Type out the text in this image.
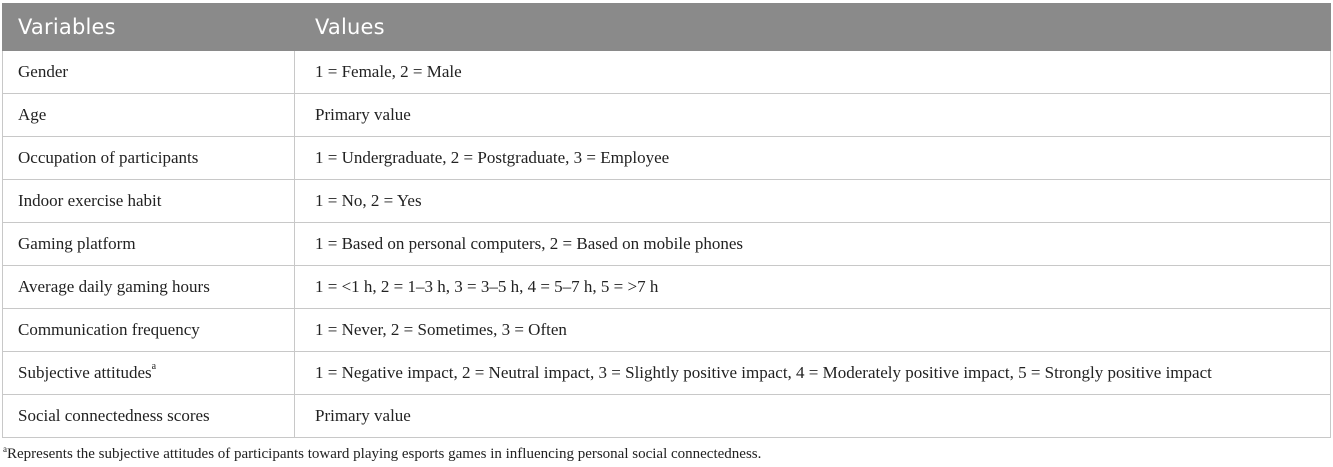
Variables	Values
Gender	1 = Female, 2 = Male
Age	Primary value
Occupation of participants	1 = Undergraduate, 2 = Postgraduate, 3 = Employee
Indoor exercise habit	1 = No, 2 = Yes
Gaming platform	1 = Based on personal computers, 2 = Based on mobile phones
Average daily gaming hours	1 = <1 h, 2 = 1–3 h, 3 = 3–5 h, 4 = 5–7 h, 5 = >7 h
Communication frequency	1 = Never, 2 = Sometimes, 3 = Often
Subjective attitudes$^a$	1 = Negative impact, 2 = Neutral impact, 3 = Slightly positive impact, 4 = Moderately positive impact, 5 = Strongly positive impact
Social connectedness scores	Primary value
$^a$Represents the subjective attitudes of participants toward playing esports games in influencing personal social connectedness.
